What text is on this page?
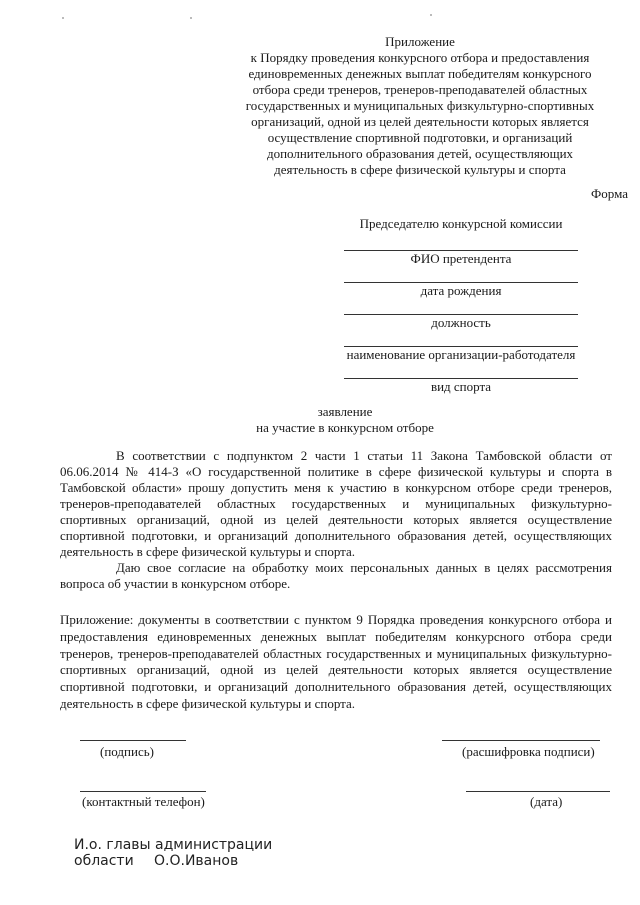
Приложение
к Порядку проведения конкурсного отбора и предоставления
единовременных денежных выплат победителям конкурсного
отбора среди тренеров, тренеров-преподавателей областных
государственных и муниципальных физкультурно-спортивных
организаций, одной из целей деятельности которых является
осуществление спортивной подготовки, и организаций
дополнительного образования детей, осуществляющих
деятельность в сфере физической культуры и спорта
Форма
Председателю конкурсной комиссии
ФИО претендента
дата рождения
должность
наименование организации-работодателя
вид спорта
заявление
на участие в конкурсном отборе

В соответствии с подпунктом 2 части 1 статьи 11 Закона Тамбовской области от 06.06.2014 № 414-З «О государственной политике в сфере физической культуры и спорта в Тамбовской области» прошу допустить меня к участию в конкурсном отборе среди тренеров, тренеров-преподавателей областных государственных и муниципальных физкультурно-спортивных организаций, одной из целей деятельности которых является осуществление спортивной подготовки, и организаций дополнительного образования детей, осуществляющих деятельность в сфере физической культуры и спорта.

Даю свое согласие на обработку моих персональных данных в целях рассмотрения вопроса об участии в конкурсном отборе.

Приложение: документы в соответствии с пунктом 9 Порядка проведения конкурсного отбора и предоставления единовременных денежных выплат победителям конкурсного отбора среди тренеров, тренеров-преподавателей областных государственных и муниципальных физкультурно-спортивных организаций, одной из целей деятельности которых является осуществление спортивной подготовки, и организаций дополнительного образования детей, осуществляющих деятельность в сфере физической культуры и спорта.
(подпись)	(расшифровка подписи)
(контактный телефон)	(дата)
И.о. главы администрации
области О.О.Иванов
